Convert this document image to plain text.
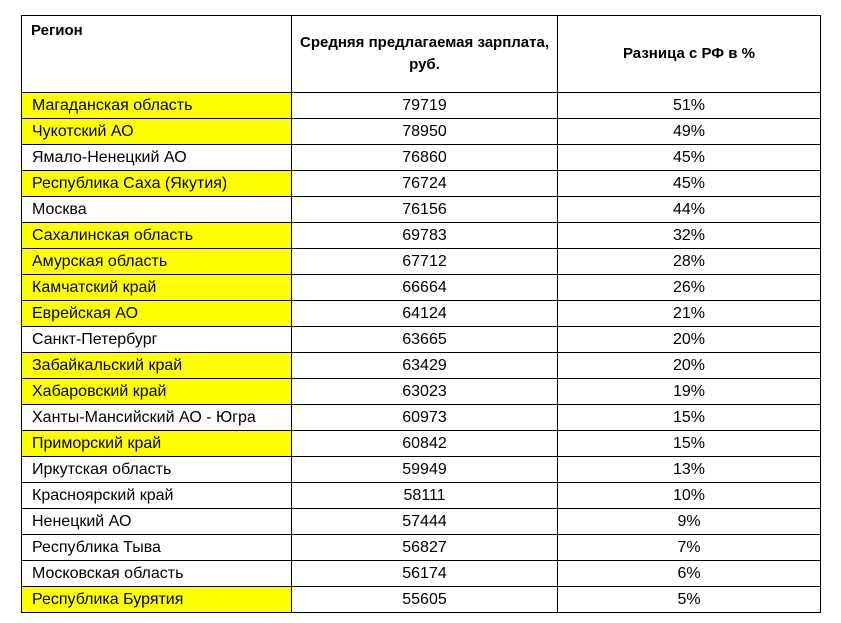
Регион	Средняя предлагаемая зарплата, руб.	Разница с РФ в %
Магаданская область	79719	51%
Чукотский АО	78950	49%
Ямало-Ненецкий АО	76860	45%
Республика Саха (Якутия)	76724	45%
Москва	76156	44%
Сахалинская область	69783	32%
Амурская область	67712	28%
Камчатский край	66664	26%
Еврейская АО	64124	21%
Санкт-Петербург	63665	20%
Забайкальский край	63429	20%
Хабаровский край	63023	19%
Ханты-Мансийский АО - Югра	60973	15%
Приморский край	60842	15%
Иркутская область	59949	13%
Красноярский край	58111	10%
Ненецкий АО	57444	9%
Республика Тыва	56827	7%
Московская область	56174	6%
Республика Бурятия	55605	5%
